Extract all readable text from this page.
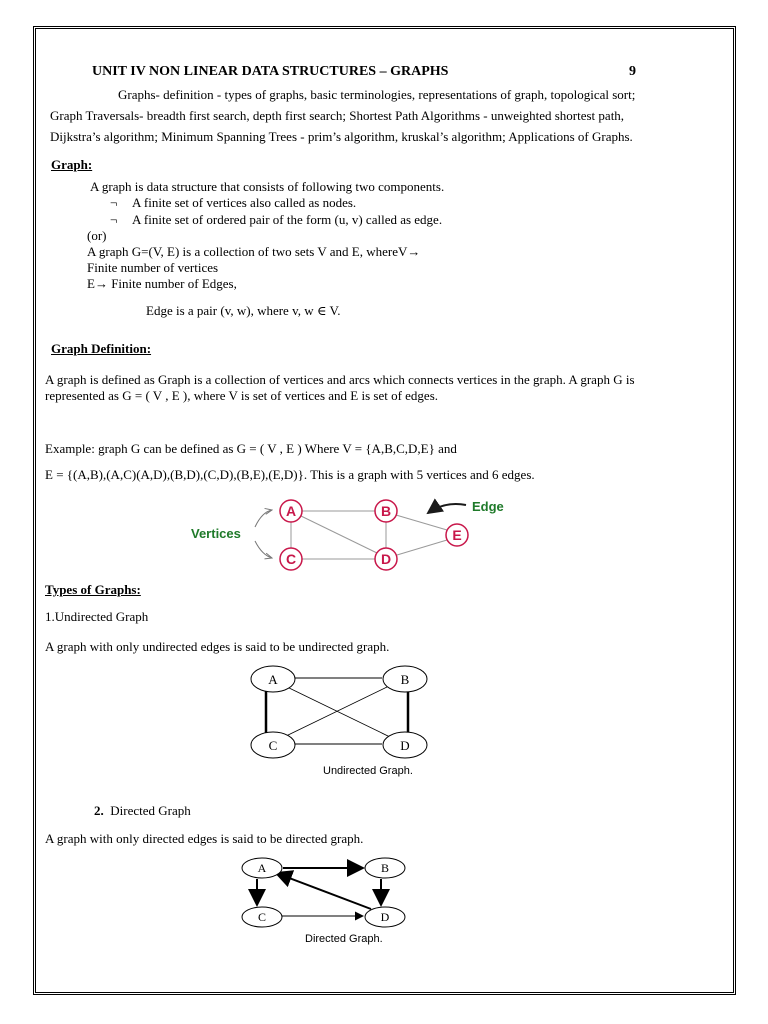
UNIT IV NON LINEAR DATA STRUCTURES – GRAPHS	9
Graphs- definition - types of graphs, basic terminologies, representations of graph, topological sort;
Graph Traversals- breadth first search, depth first search; Shortest Path Algorithms - unweighted shortest path,
Dijkstra’s algorithm; Minimum Spanning Trees - prim’s algorithm, kruskal’s algorithm; Applications of Graphs.
Graph:
A graph is data structure that consists of following two components.
¬ A finite set of vertices also called as nodes.
¬ A finite set of ordered pair of the form (u, v) called as edge.
(or)
A graph G=(V, E) is a collection of two sets V and E, whereV→
Finite number of vertices
E→ Finite number of Edges,
Edge is a pair (v, w), where v, w ∈ V.
Graph Definition:
A graph is defined as Graph is a collection of vertices and arcs which connects vertices in the graph. A graph G is
represented as G = ( V , E ), where V is set of vertices and E is set of edges.
Example: graph G can be defined as G = ( V , E ) Where V = {A,B,C,D,E} and
E = {(A,B),(A,C)(A,D),(B,D),(C,D),(B,E),(E,D)}. This is a graph with 5 vertices and 6 edges.
A	B
C	D
E
Vertices
Edge
Types of Graphs:
1.Undirected Graph
A graph with only undirected edges is said to be undirected graph.
A	B
C	D
Undirected Graph.
2. Directed Graph
A graph with only directed edges is said to be directed graph.
A	B
C	D
Directed Graph.
